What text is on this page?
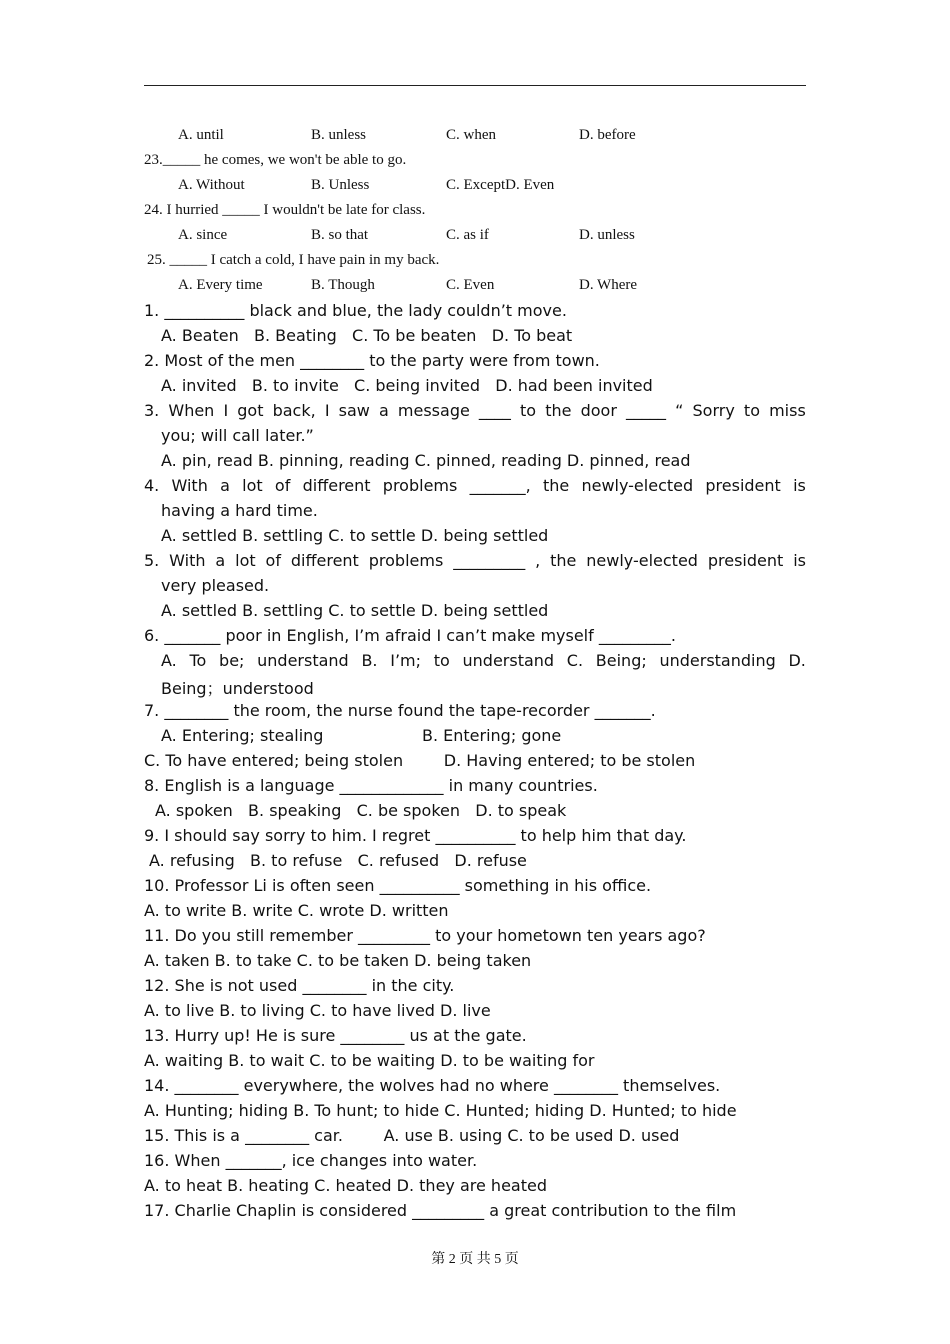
A. until	B. unless	C. when	D. before
23._____ he comes, we won't be able to go.
A. Without	B. Unless	C. ExceptD. Even
24. I hurried _____ I wouldn't be late for class.
A. since	B. so that	C. as if	D. unless
25. _____ I catch a cold, I have pain in my back.
A. Every time	B. Though	C. Even	D. Where
1. __________ black and blue, the lady couldn’t move.
A. Beaten   B. Beating   C. To be beaten   D. To beat
2. Most of the men ________ to the party were from town.
A. invited   B. to invite   C. being invited   D. had been invited
3. When I got back, I saw a message ____ to the door _____ “ Sorry to miss
you; will call later.”
A. pin, read B. pinning, reading C. pinned, reading D. pinned, read
4. With a lot of different problems _______, the newly-elected president is
having a hard time.
A. settled B. settling C. to settle D. being settled
5. With a lot of different problems _________ , the newly-elected president is
very pleased.
A. settled B. settling C. to settle D. being settled
6. _______ poor in English, I’m afraid I can’t make myself _________.
A. To be; understand B. I’m; to understand C. Being; understanding D.
Being；understood
7. ________ the room, the nurse found the tape-recorder _______.
A. Entering; stealing	B. Entering; gone
C. To have entered; being stolen        D. Having entered; to be stolen
8. English is a language _____________ in many countries.
A. spoken   B. speaking   C. be spoken   D. to speak
9. I should say sorry to him. I regret __________ to help him that day.
A. refusing   B. to refuse   C. refused   D. refuse
10. Professor Li is often seen __________ something in his office.
A. to write B. write C. wrote D. written
11. Do you still remember _________ to your hometown ten years ago?
A. taken B. to take C. to be taken D. being taken
12. She is not used ________ in the city.
A. to live B. to living C. to have lived D. live
13. Hurry up! He is sure ________ us at the gate.
A. waiting B. to wait C. to be waiting D. to be waiting for
14. ________ everywhere, the wolves had no where ________ themselves.
A. Hunting; hiding B. To hunt; to hide C. Hunted; hiding D. Hunted; to hide
15. This is a ________ car.        A. use B. using C. to be used D. used
16. When _______, ice changes into water.
A. to heat B. heating C. heated D. they are heated
17. Charlie Chaplin is considered _________ a great contribution to the film
第 2 页 共 5 页
